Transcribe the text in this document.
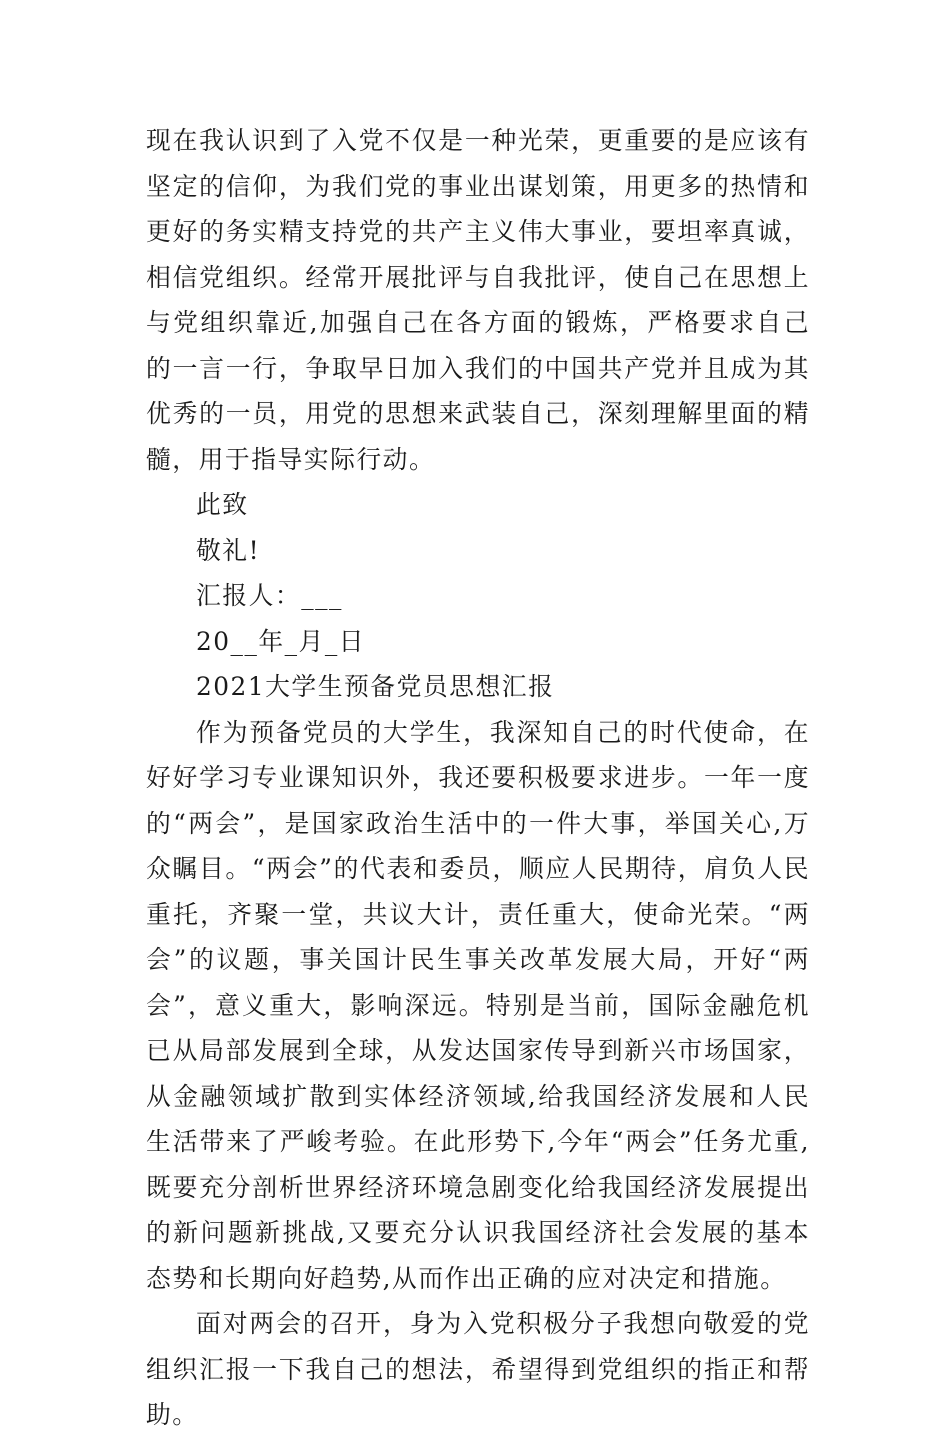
现在我认识到了入党不仅是一种光荣，更重要的是应该有坚定的信仰，为我们党的事业出谋划策，用更多的热情和更好的务实精支持党的共产主义伟大事业，要坦率真诚，相信党组织。经常开展批评与自我批评，使自己在思想上与党组织靠近,加强自己在各方面的锻炼，严格要求自己的一言一行，争取早日加入我们的中国共产党并且成为其优秀的一员，用党的思想来武装自己，深刻理解里面的精髓，用于指导实际行动。

此致

敬礼!

汇报人：___

20__年_月_日

2021大学生预备党员思想汇报

作为预备党员的大学生，我深知自己的时代使命，在好好学习专业课知识外，我还要积极要求进步。一年一度的“两会”，是国家政治生活中的一件大事，举国关心,万众瞩目。“两会”的代表和委员，顺应人民期待，肩负人民重托，齐聚一堂，共议大计，责任重大，使命光荣。“两会”的议题，事关国计民生事关改革发展大局，开好“两会”，意义重大，影响深远。特别是当前，国际金融危机已从局部发展到全球，从发达国家传导到新兴市场国家，从金融领域扩散到实体经济领域,给我国经济发展和人民生活带来了严峻考验。在此形势下,今年“两会”任务尤重,既要充分剖析世界经济环境急剧变化给我国经济发展提出的新问题新挑战,又要充分认识我国经济社会发展的基本态势和长期向好趋势,从而作出正确的应对决定和措施。

面对两会的召开，身为入党积极分子我想向敬爱的党组织汇报一下我自己的想法，希望得到党组织的指正和帮助。
